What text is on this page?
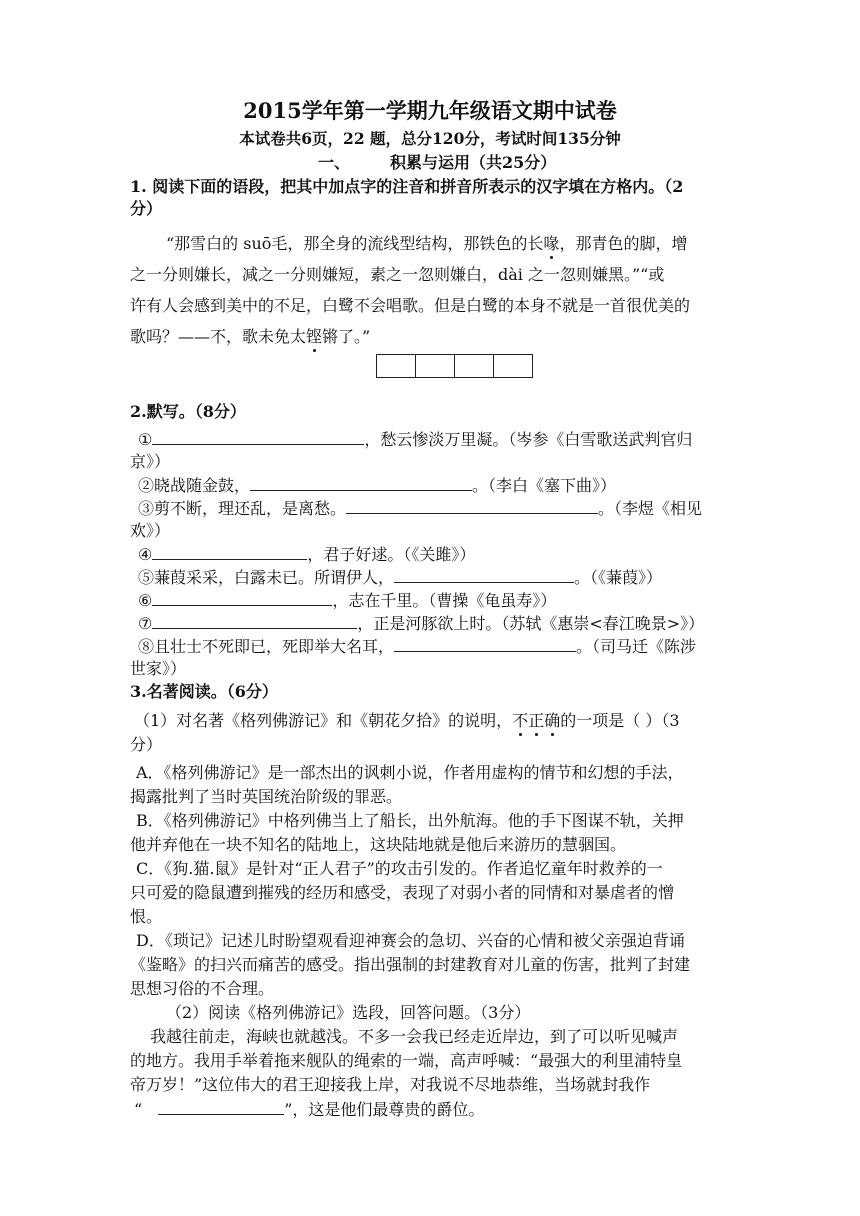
2015学年第一学期九年级语文期中试卷
本试卷共6页，22 题，总分120分，考试时间135分钟
一、	积累与运用（共25分）
1. 阅读下面的语段，把其中加点字的注音和拼音所表示的汉字填在方格内。（2
分）
“那雪白的 suō毛，那全身的流线型结构，那铁色的长喙，那青色的脚，增
之一分则嫌长，减之一分则嫌短，素之一忽则嫌白，dài 之一忽则嫌黑。”“或
许有人会感到美中的不足，白鹭不会唱歌。但是白鹭的本身不就是一首很优美的
歌吗？——不，歌未免太铿锵了。”
2.默写。（8分）
①	，愁云惨淡万里凝。（岑参《白雪歌送武判官归
京》）
②晓战随金鼓，	。（李白《塞下曲》）
③剪不断，理还乱，是离愁。	。（李煜《相见
欢》）
④	，君子好逑。（《关雎》）
⑤蒹葭采采，白露未已。所谓伊人，	。（《蒹葭》）
⑥	，志在千里。（曹操《龟虽寿》）
⑦	，正是河豚欲上时。（苏轼《惠崇<春江晚景>》）
⑧且壮士不死即已，死即举大名耳，	。（司马迁《陈涉
世家》）
3.名著阅读。（6分）
（1）对名著《格列佛游记》和《朝花夕拾》的说明，不正确的一项是（ ）（3
分）
A．《格列佛游记》是一部杰出的讽刺小说，作者用虚构的情节和幻想的手法，
揭露批判了当时英国统治阶级的罪恶。
B．《格列佛游记》中格列佛当上了船长，出外航海。他的手下图谋不轨，关押
他并弃他在一块不知名的陆地上，这块陆地就是他后来游历的慧骃国。
C．《狗.猫.鼠》是针对“正人君子”的攻击引发的。作者追忆童年时救养的一
只可爱的隐鼠遭到摧残的经历和感受，表现了对弱小者的同情和对暴虐者的憎
恨。
D．《琐记》记述儿时盼望观看迎神赛会的急切、兴奋的心情和被父亲强迫背诵
《鉴略》的扫兴而痛苦的感受。指出强制的封建教育对儿童的伤害，批判了封建
思想习俗的不合理。
（2）阅读《格列佛游记》选段，回答问题。（3分）
我越往前走，海峡也就越浅。不多一会我已经走近岸边，到了可以听见喊声
的地方。我用手举着拖来舰队的绳索的一端，高声呼喊：“最强大的利里浦特皇
帝万岁！”这位伟大的君王迎接我上岸，对我说不尽地恭维，当场就封我作
“	”，这是他们最尊贵的爵位。
